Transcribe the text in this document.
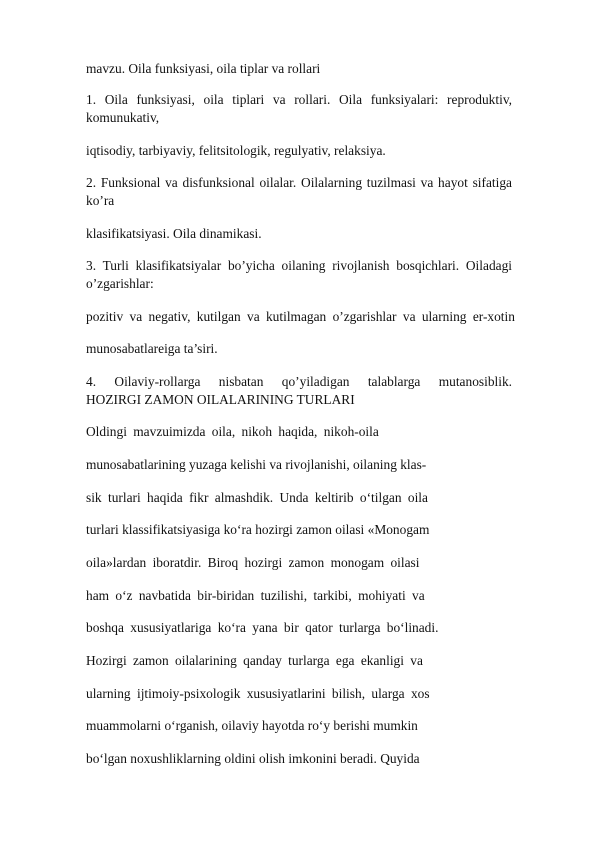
mavzu. Oila funksiyasi, oila tiplar va rollari
1. Oila funksiyasi, oila tiplari va rollari. Oila funksiyalari: reproduktiv,
komunukativ,
iqtisodiy, tarbiyaviy, felitsitologik, regulyativ, relaksiya.
2. Funksional va disfunksional oilalar. Oilalarning tuzilmasi va hayot sifatiga
ko’ra
klasifikatsiyasi. Oila dinamikasi.
3. Turli klasifikatsiyalar bo’yicha oilaning rivojlanish bosqichlari. Oiladagi
o’zgarishlar:
pozitiv va negativ, kutilgan va kutilmagan o’zgarishlar va ularning er-xotin
munosabatlareiga ta’siri.
4. Oilaviy-rollarga nisbatan qo’yiladigan talablarga mutanosiblik.
HOZIRGI ZAMON OILALARINING TURLARI
Oldingi mavzuimizda oila, nikoh haqida, nikoh-oila
munosabatlarining yuzaga kelishi va rivojlanishi, oilaning klas-
sik turlari haqida fikr almashdik. Unda keltirib o‘tilgan oila
turlari klassifikatsiyasiga ko‘ra hozirgi zamon oilasi «Monogam
oila»lardan iboratdir. Biroq hozirgi zamon monogam oilasi
ham o‘z navbatida bir-biridan tuzilishi, tarkibi, mohiyati va
boshqa xususiyatlariga ko‘ra yana bir qator turlarga bo‘linadi.
Hozirgi zamon oilalarining qanday turlarga ega ekanligi va
ularning ijtimoiy-psixologik xususiyatlarini bilish, ularga xos
muammolarni o‘rganish, oilaviy hayotda ro‘y berishi mumkin
bo‘lgan noxushliklarning oldini olish imkonini beradi. Quyida
